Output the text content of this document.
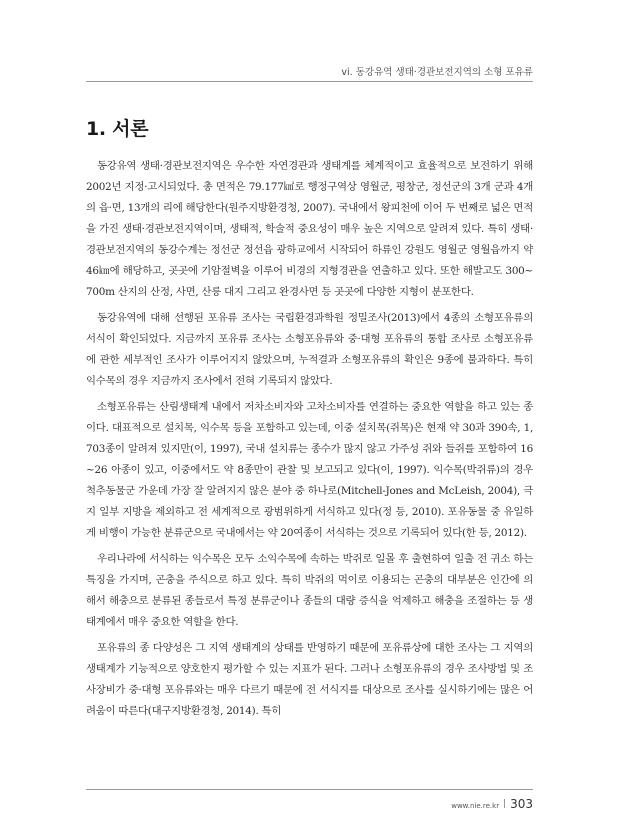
vi. 동강유역 생태·경관보전지역의 소형 포유류
1. 서론

동강유역 생태·경관보전지역은 우수한 자연경관과 생태계를 체계적이고 효율적으로 보전하기 위해 2002년 지정·고시되었다. 총 면적은 79.177㎢로 행정구역상 영월군, 평창군, 정선군의 3개 군과 4개의 읍·면, 13개의 리에 해당한다(원주지방환경청, 2007). 국내에서 왕피천에 이어 두 번째로 넓은 면적을 가진 생태·경관보전지역이며, 생태적, 학술적 중요성이 매우 높은 지역으로 알려져 있다. 특히 생태·경관보전지역의 동강수계는 정선군 정선읍 광하교에서 시작되어 하류인 강원도 영월군 영월읍까지 약 46㎞에 해당하고, 곳곳에 기암절벽을 이루어 비경의 지형경관을 연출하고 있다. 또한 해발고도 300~700m 산지의 산정, 사면, 산릉 대지 그리고 완경사면 등 곳곳에 다양한 지형이 분포한다.

동강유역에 대해 선행된 포유류 조사는 국립환경과학원 정밀조사(2013)에서 4종의 소형포유류의 서식이 확인되었다. 지금까지 포유류 조사는 소형포유류와 중·대형 포유류의 통합 조사로 소형포유류에 관한 세부적인 조사가 이루어지지 않았으며, 누적결과 소형포유류의 확인은 9종에 불과하다. 특히 익수목의 경우 지금까지 조사에서 전혀 기록되지 않았다.

소형포유류는 산림생태계 내에서 저차소비자와 고차소비자를 연결하는 중요한 역할을 하고 있는 종이다. 대표적으로 설치목, 익수목 등을 포함하고 있는데, 이중 설치목(쥐목)은 현재 약 30과 390속, 1,703종이 알려져 있지만(이, 1997), 국내 설치류는 종수가 많지 않고 가주성 쥐와 들쥐를 포함하여 16~26 아종이 있고, 이중에서도 약 8종만이 관찰 및 보고되고 있다(이, 1997). 익수목(박쥐류)의 경우 척추동물군 가운데 가장 잘 알려지지 않은 분야 중 하나로(Mitchell-Jones and McLeish, 2004), 극지 일부 지방을 제외하고 전 세계적으로 광범위하게 서식하고 있다(정 등, 2010). 포유동물 중 유일하게 비행이 가능한 분류군으로 국내에서는 약 20여종이 서식하는 것으로 기록되어 있다(한 등, 2012).

우리나라에 서식하는 익수목은 모두 소익수목에 속하는 박쥐로 일몰 후 출현하여 일출 전 귀소 하는 특징을 가지며, 곤충을 주식으로 하고 있다. 특히 박쥐의 먹이로 이용되는 곤충의 대부분은 인간에 의해서 해충으로 분류된 종들로서 특정 분류군이나 종들의 대량 증식을 억제하고 해충을 조절하는 등 생태계에서 매우 중요한 역할을 한다.

포유류의 종 다양성은 그 지역 생태계의 상태를 반영하기 때문에 포유류상에 대한 조사는 그 지역의 생태계가 기능적으로 양호한지 평가할 수 있는 지표가 된다. 그러나 소형포유류의 경우 조사방법 및 조사장비가 중·대형 포유류와는 매우 다르기 때문에 전 서식지를 대상으로 조사를 실시하기에는 많은 어려움이 따른다(대구지방환경청, 2014). 특히

www.nie.re.kr 303
